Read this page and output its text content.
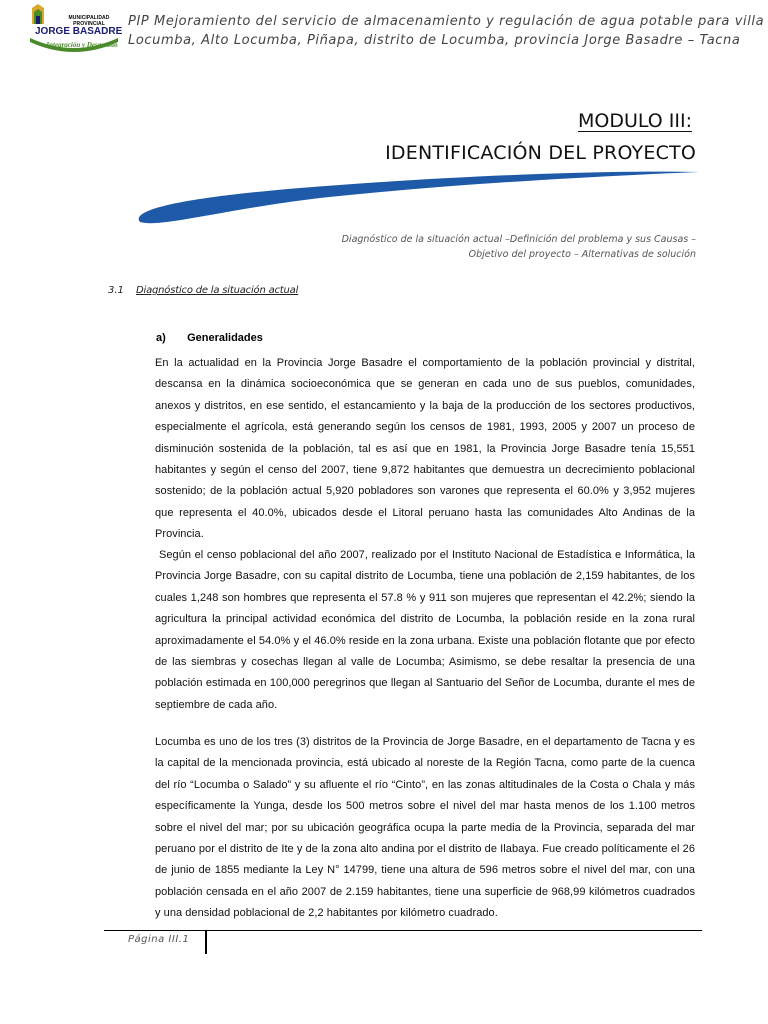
MUNICIPALIDAD
PROVINCIAL
JORGE BASADRE
Integración y Desarrollo
PIP Mejoramiento del servicio de almacenamiento y regulación de agua potable para villa
Locumba, Alto Locumba, Piñapa, distrito de Locumba, provincia Jorge Basadre – Tacna
MODULO III:
IDENTIFICACIÓN DEL PROYECTO
Diagnóstico de la situación actual –Definición del problema y sus Causas –
Objetivo del proyecto – Alternativas de solución
3.1 Diagnóstico de la situación actual
a) Generalidades

En la actualidad en la Provincia Jorge Basadre el comportamiento de la población provincial y distrital, descansa en la dinámica socioeconómica que se generan en cada uno de sus pueblos, comunidades, anexos y distritos, en ese sentido, el estancamiento y la baja de la producción de los sectores productivos, especialmente el agrícola, está generando según los censos de 1981, 1993, 2005 y 2007 un proceso de disminución sostenida de la población, tal es así que en 1981, la Provincia Jorge Basadre tenía 15,551 habitantes y según el censo del 2007, tiene 9,872 habitantes que demuestra un decrecimiento poblacional sostenido; de la población actual 5,920 pobladores son varones que representa el 60.0% y 3,952 mujeres que representa el 40.0%, ubicados desde el Litoral peruano hasta las comunidades Alto Andinas de la Provincia.

Según el censo poblacional del año 2007, realizado por el Instituto Nacional de Estadística e Informática, la Provincia Jorge Basadre, con su capital distrito de Locumba, tiene una población de 2,159 habitantes, de los cuales 1,248 son hombres que representa el 57.8 % y 911 son mujeres que representan el 42.2%; siendo la agricultura la principal actividad económica del distrito de Locumba, la población reside en la zona rural aproximadamente el 54.0% y el 46.0% reside en la zona urbana. Existe una población flotante que por efecto de las siembras y cosechas llegan al valle de Locumba; Asimismo, se debe resaltar la presencia de una población estimada en 100,000 peregrinos que llegan al Santuario del Señor de Locumba, durante el mes de septiembre de cada año.

Locumba es uno de los tres (3) distritos de la Provincia de Jorge Basadre, en el departamento de Tacna y es la capital de la mencionada provincia, está ubicado al noreste de la Región Tacna, como parte de la cuenca del río “Locumba o Salado” y su afluente el río “Cinto”, en las zonas altitudinales de la Costa o Chala y más específicamente la Yunga, desde los 500 metros sobre el nivel del mar hasta menos de los 1.100 metros sobre el nivel del mar; por su ubicación geográfica ocupa la parte media de la Provincia, separada del mar peruano por el distrito de Ite y de la zona alto andina por el distrito de Ilabaya. Fue creado políticamente el 26 de junio de 1855 mediante la Ley N° 14799, tiene una altura de 596 metros sobre el nivel del mar, con una población censada en el año 2007 de 2.159 habitantes, tiene una superficie de 968,99 kilómetros cuadrados y una densidad poblacional de 2,2 habitantes por kilómetro cuadrado.

Página III.1
